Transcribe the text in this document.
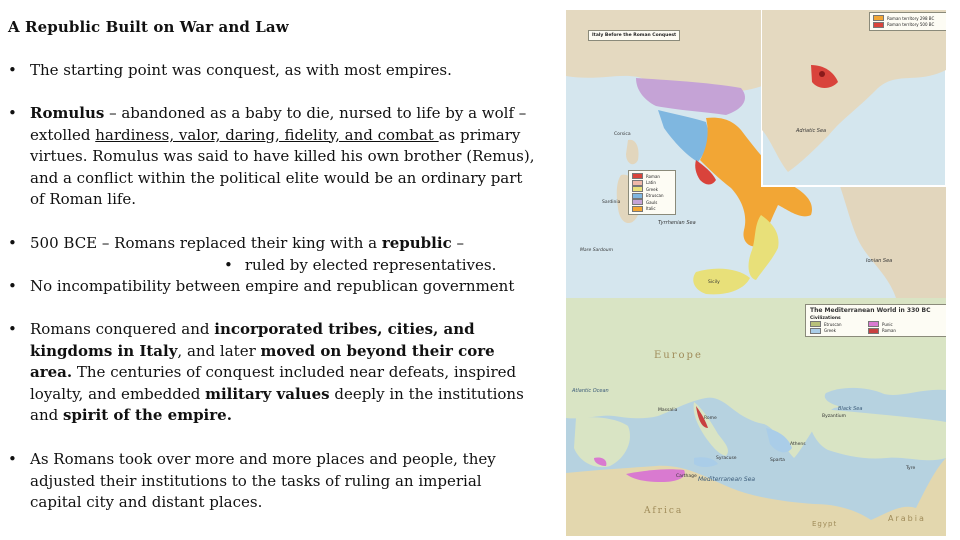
A Republic Built on War and Law
• The starting point was conquest, as with most empires.
• Romulus – abandoned as a baby to die, nursed to life by a wolf – extolled hardiness, valor, daring, fidelity, and combat as primary virtues. Romulus was said to have killed his own brother (Remus), and a conflict within the political elite would be an ordinary part of Roman life.
• 500 BCE – Romans replaced their king with a republic –
• ruled by elected representatives.
• No incompatibility between empire and republican government
• Romans conquered and incorporated tribes, cities, and kingdoms in Italy, and later moved on beyond their core area. The centuries of conquest included near defeats, inspired loyalty, and embedded military values deeply in the institutions and spirit of the empire.
• As Romans took over more and more places and people, they adjusted their institutions to the tasks of ruling an imperial capital city and distant places.
Italy Before the Roman Conquest
Roman territory 298 BC
Roman territory 500 BC
Roman
Latin
Greek
Etruscan
Gauls
Italic
Tyrrhenian Sea
Adriatic Sea
Ionian Sea
Mare Sardoum
Corsica
Sardinia
Sicily
The Mediterranean World in 330 BC
Civilizations
Etruscan	Punic
Greek	Roman
Europe
Atlantic Ocean
Africa
Egypt
Arabia
Mediterranean Sea
Black Sea
Massalia
Carthage
Rome
Sparta
Athens
Tyre
Syracuse
Byzantium
